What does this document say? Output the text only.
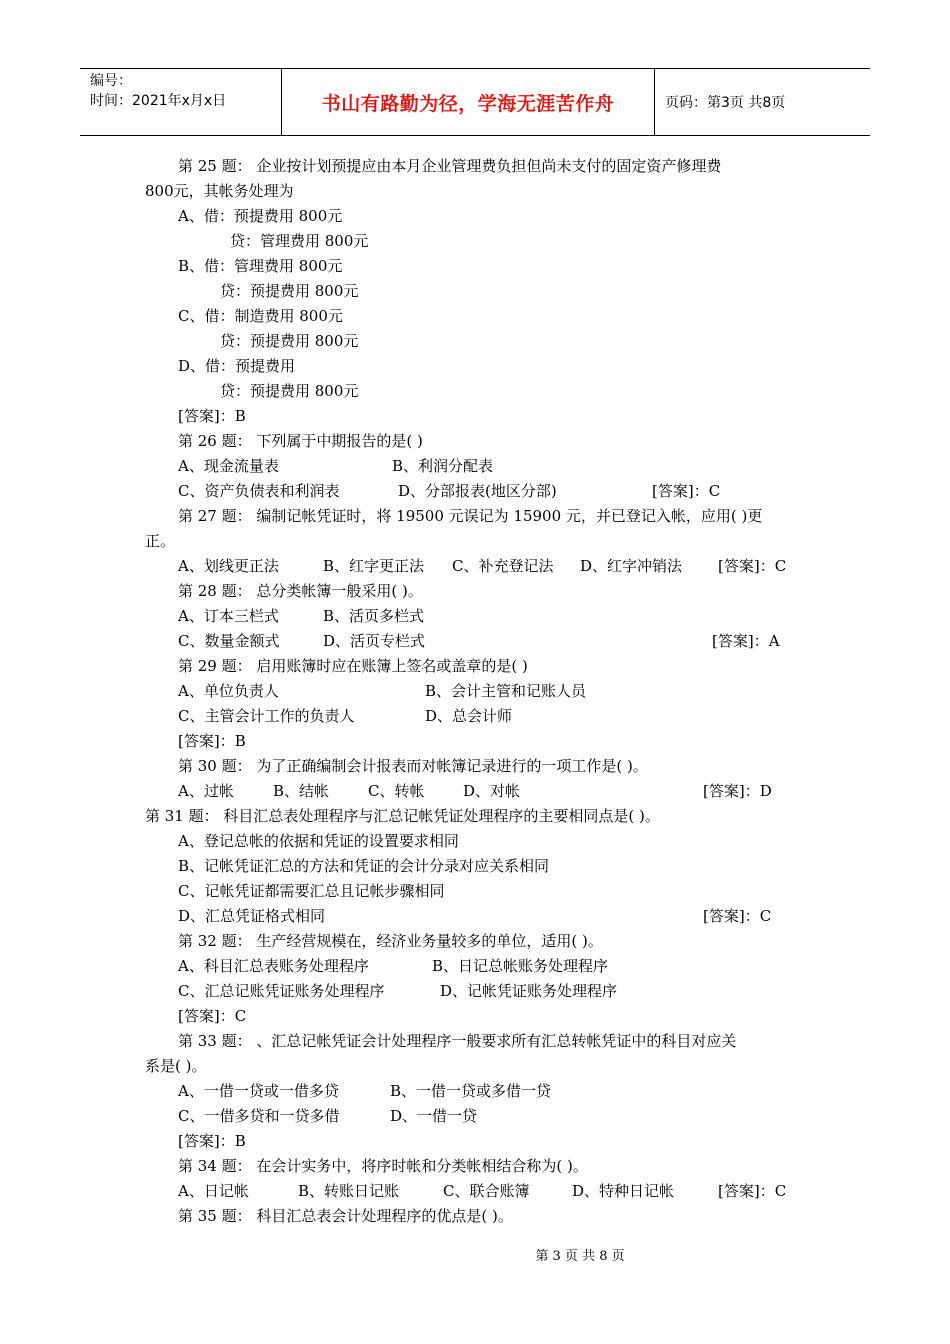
编号：
时间：2021年x月x日	书山有路勤为径，学海无涯苦作舟	页码：第3页 共8页
第 25 题： 企业按计划预提应由本月企业管理费负担但尚未支付的固定资产修理费
800元，其帐务处理为
A、借：预提费用 800元
贷：管理费用 800元
B、借：管理费用 800元
贷：预提费用 800元
C、借：制造费用 800元
贷：预提费用 800元
D、借：预提费用
贷：预提费用 800元
[答案]：B
第 26 题： 下列属于中期报告的是( )
A、现金流量表	B、利润分配表
C、资产负债表和利润表	D、分部报表(地区分部)	[答案]：C
第 27 题： 编制记帐凭证时，将 19500 元误记为 15900 元，并已登记入帐，应用( )更
正。
A、划线更正法	B、红字更正法 C、补充登记法 D、红字冲销法 [答案]：C
第 28 题： 总分类帐簿一般采用( )。
A、订本三栏式	B、活页多栏式
C、数量金额式	D、活页专栏式	[答案]：A
第 29 题： 启用账簿时应在账簿上签名或盖章的是( )
A、单位负责人	B、会计主管和记账人员
C、主管会计工作的负责人	D、总会计师
[答案]：B
第 30 题： 为了正确编制会计报表而对帐簿记录进行的一项工作是( )。
A、过帐	B、结帐	C、转帐	D、对帐	[答案]：D
第 31 题： 科目汇总表处理程序与汇总记帐凭证处理程序的主要相同点是( )。
A、登记总帐的依据和凭证的设置要求相同
B、记帐凭证汇总的方法和凭证的会计分录对应关系相同
C、记帐凭证都需要汇总且记帐步骤相同
D、汇总凭证格式相同	[答案]：C
第 32 题： 生产经营规模在，经济业务量较多的单位，适用( )。
A、科目汇总表账务处理程序	B、日记总帐账务处理程序
C、汇总记账凭证账务处理程序	D、记帐凭证账务处理程序
[答案]：C
第 33 题： 、汇总记帐凭证会计处理程序一般要求所有汇总转帐凭证中的科目对应关
系是( )。
A、一借一贷或一借多贷	B、一借一贷或多借一贷
C、一借多贷和一贷多借	D、一借一贷
[答案]：B
第 34 题： 在会计实务中，将序时帐和分类帐相结合称为( )。
A、日记帐	B、转账日记账	C、联合账簿	D、特种日记帐	[答案]：C
第 35 题： 科目汇总表会计处理程序的优点是( )。
第 3 页 共 8 页
